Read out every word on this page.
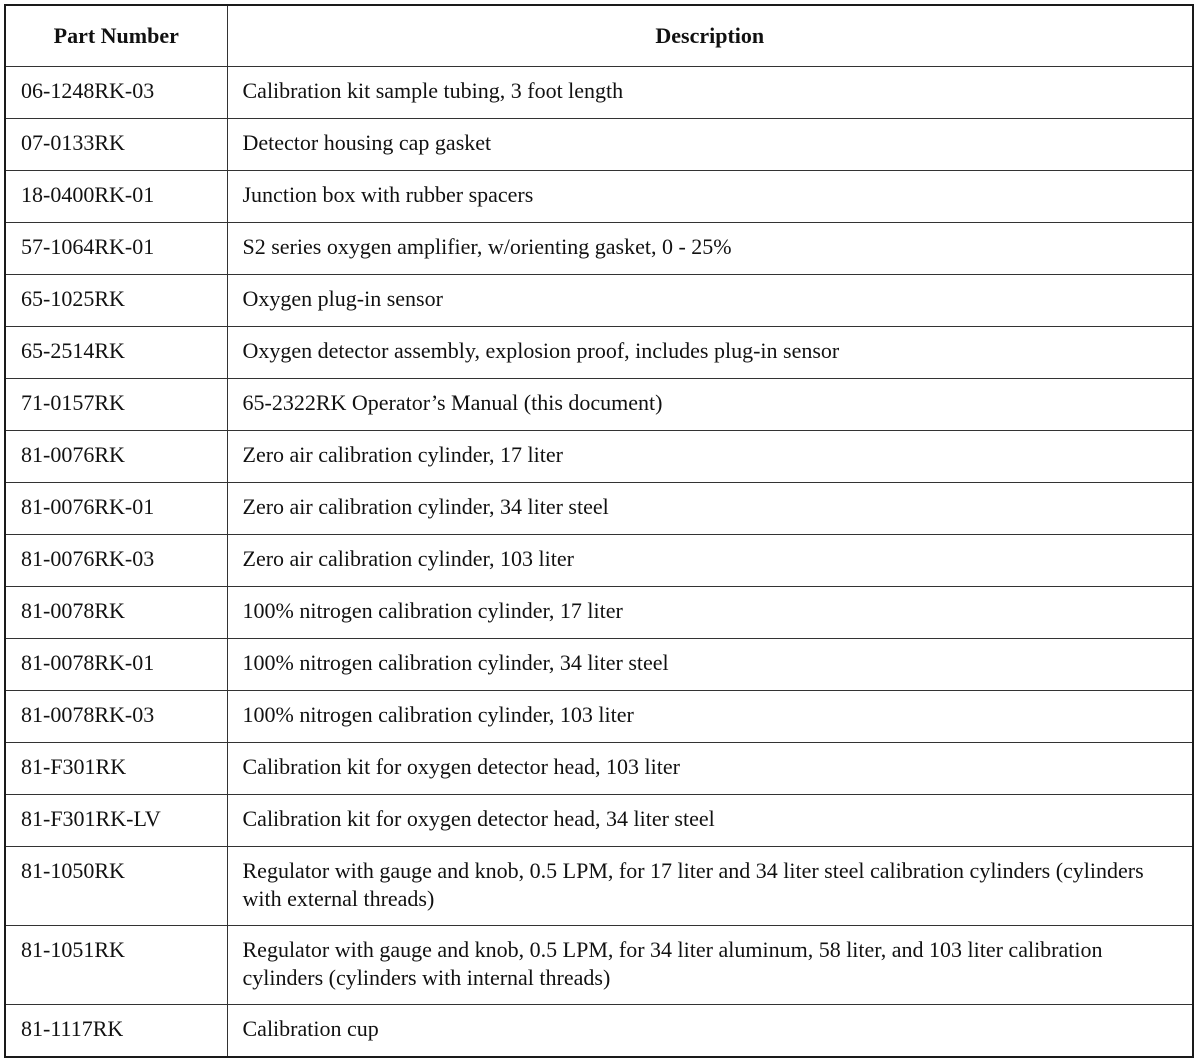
Part Number	Description
06-1248RK-03	Calibration kit sample tubing, 3 foot length
07-0133RK	Detector housing cap gasket
18-0400RK-01	Junction box with rubber spacers
57-1064RK-01	S2 series oxygen amplifier, w/orienting gasket, 0 - 25%
65-1025RK	Oxygen plug-in sensor
65-2514RK	Oxygen detector assembly, explosion proof, includes plug-in sensor
71-0157RK	65-2322RK Operator’s Manual (this document)
81-0076RK	Zero air calibration cylinder, 17 liter
81-0076RK-01	Zero air calibration cylinder, 34 liter steel
81-0076RK-03	Zero air calibration cylinder, 103 liter
81-0078RK	100% nitrogen calibration cylinder, 17 liter
81-0078RK-01	100% nitrogen calibration cylinder, 34 liter steel
81-0078RK-03	100% nitrogen calibration cylinder, 103 liter
81-F301RK	Calibration kit for oxygen detector head, 103 liter
81-F301RK-LV	Calibration kit for oxygen detector head, 34 liter steel
81-1050RK	Regulator with gauge and knob, 0.5 LPM, for 17 liter and 34 liter steel calibration cylinders (cylinders with external threads)
81-1051RK	Regulator with gauge and knob, 0.5 LPM, for 34 liter aluminum, 58 liter, and 103 liter calibration cylinders (cylinders with internal threads)
81-1117RK	Calibration cup
